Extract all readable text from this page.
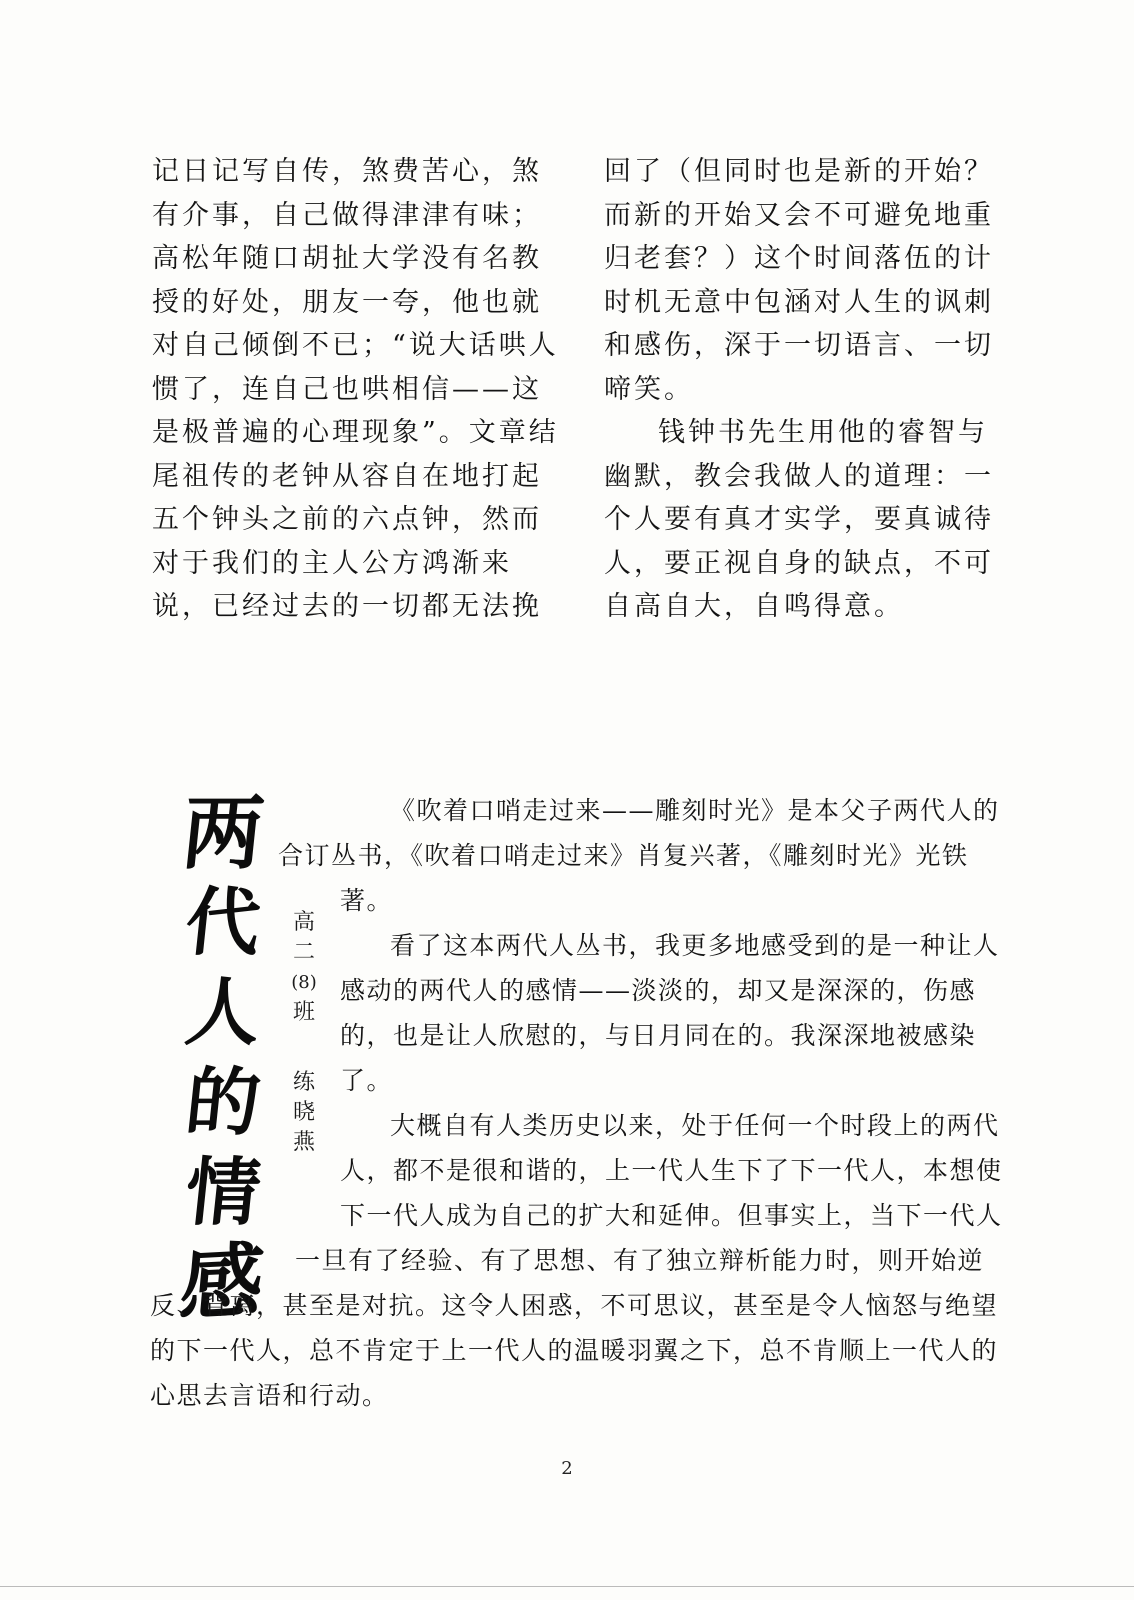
记日记写自传，煞费苦心，煞有介事，自己做得津津有味；高松年随口胡扯大学没有名教授的好处，朋友一夸，他也就对自己倾倒不已；“说大话哄人惯了，连自己也哄相信——这是极普遍的心理现象”。文章结尾祖传的老钟从容自在地打起五个钟头之前的六点钟，然而对于我们的主人公方鸿渐来说，已经过去的一切都无法挽

回了（但同时也是新的开始？而新的开始又会不可避免地重归老套？）这个时间落伍的计时机无意中包涵对人生的讽刺和感伤，深于一切语言、一切啼笑。

钱钟书先生用他的睿智与幽默，教会我做人的道理：一个人要有真才实学，要真诚待人，要正视自身的缺点，不可自高自大，自鸣得意。

两
代
人
的
情
感
高
二
(8)
班
练
晓
燕

《吹着口哨走过来——雕刻时光》是本父子两代人的合订丛书，《吹着口哨走过来》肖复兴著，《雕刻时光》光铁著。

看了这本两代人丛书，我更多地感受到的是一种让人感动的两代人的感情——淡淡的，却又是深深的，伤感的，也是让人欣慰的，与日月同在的。我深深地被感染了。

大概自有人类历史以来，处于任何一个时段上的两代人，都不是很和谐的，上一代人生下了下一代人，本想使下一代人成为自己的扩大和延伸。但事实上，当下一代人一旦有了经验、有了思想、有了独立辩析能力时，则开始逆反、背离，甚至是对抗。这令人困惑，不可思议，甚至是令人恼怒与绝望的下一代人，总不肯定于上一代人的温暖羽翼之下，总不肯顺上一代人的心思去言语和行动。

2
